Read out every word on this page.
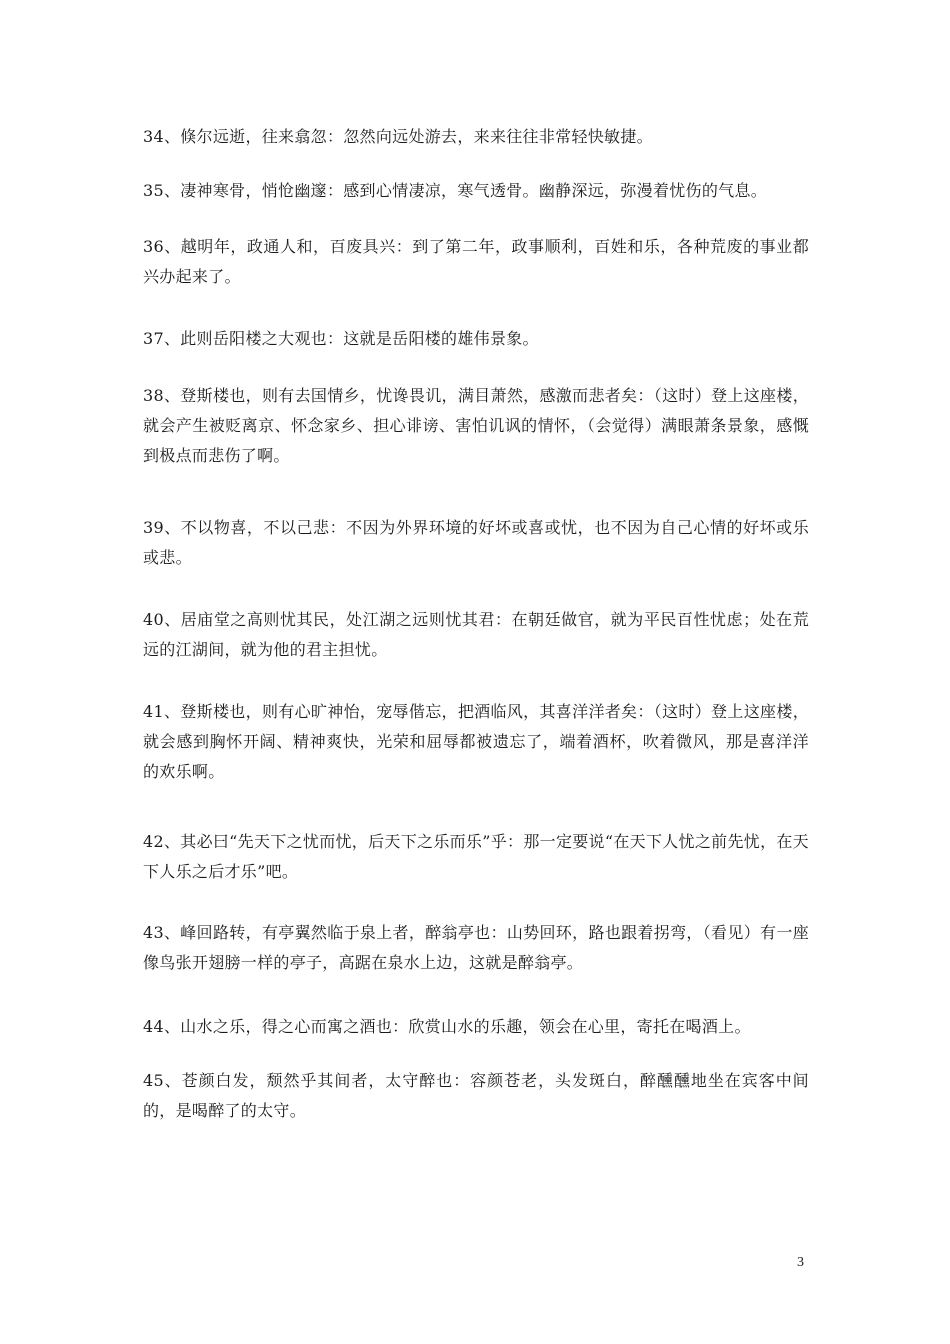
34、倏尔远逝，往来翕忽：忽然向远处游去，来来往往非常轻快敏捷。

35、凄神寒骨，悄怆幽邃：感到心情凄凉，寒气透骨。幽静深远，弥漫着忧伤的气息。

36、越明年，政通人和，百废具兴：到了第二年，政事顺利，百姓和乐，各种荒废的事业都兴办起来了。

37、此则岳阳楼之大观也：这就是岳阳楼的雄伟景象。

38、登斯楼也，则有去国情乡，忧谗畏讥，满目萧然，感激而悲者矣：（这时）登上这座楼，就会产生被贬离京、怀念家乡、担心诽谤、害怕讥讽的情怀，（会觉得）满眼萧条景象，感慨到极点而悲伤了啊。

39、不以物喜，不以己悲：不因为外界环境的好坏或喜或忧，也不因为自己心情的好坏或乐或悲。

40、居庙堂之高则忧其民，处江湖之远则忧其君：在朝廷做官，就为平民百性忧虑；处在荒远的江湖间，就为他的君主担忧。

41、登斯楼也，则有心旷神怡，宠辱偕忘，把酒临风，其喜洋洋者矣：（这时）登上这座楼，就会感到胸怀开阔、精神爽快，光荣和屈辱都被遗忘了，端着酒杯，吹着微风，那是喜洋洋的欢乐啊。

42、其必曰“先天下之忧而忧，后天下之乐而乐”乎：那一定要说“在天下人忧之前先忧，在天下人乐之后才乐”吧。

43、峰回路转，有亭翼然临于泉上者，醉翁亭也：山势回环，路也跟着拐弯，（看见）有一座像鸟张开翅膀一样的亭子，高踞在泉水上边，这就是醉翁亭。

44、山水之乐，得之心而寓之酒也：欣赏山水的乐趣，领会在心里，寄托在喝酒上。

45、苍颜白发，颓然乎其间者，太守醉也：容颜苍老，头发斑白，醉醺醺地坐在宾客中间的，是喝醉了的太守。

3
